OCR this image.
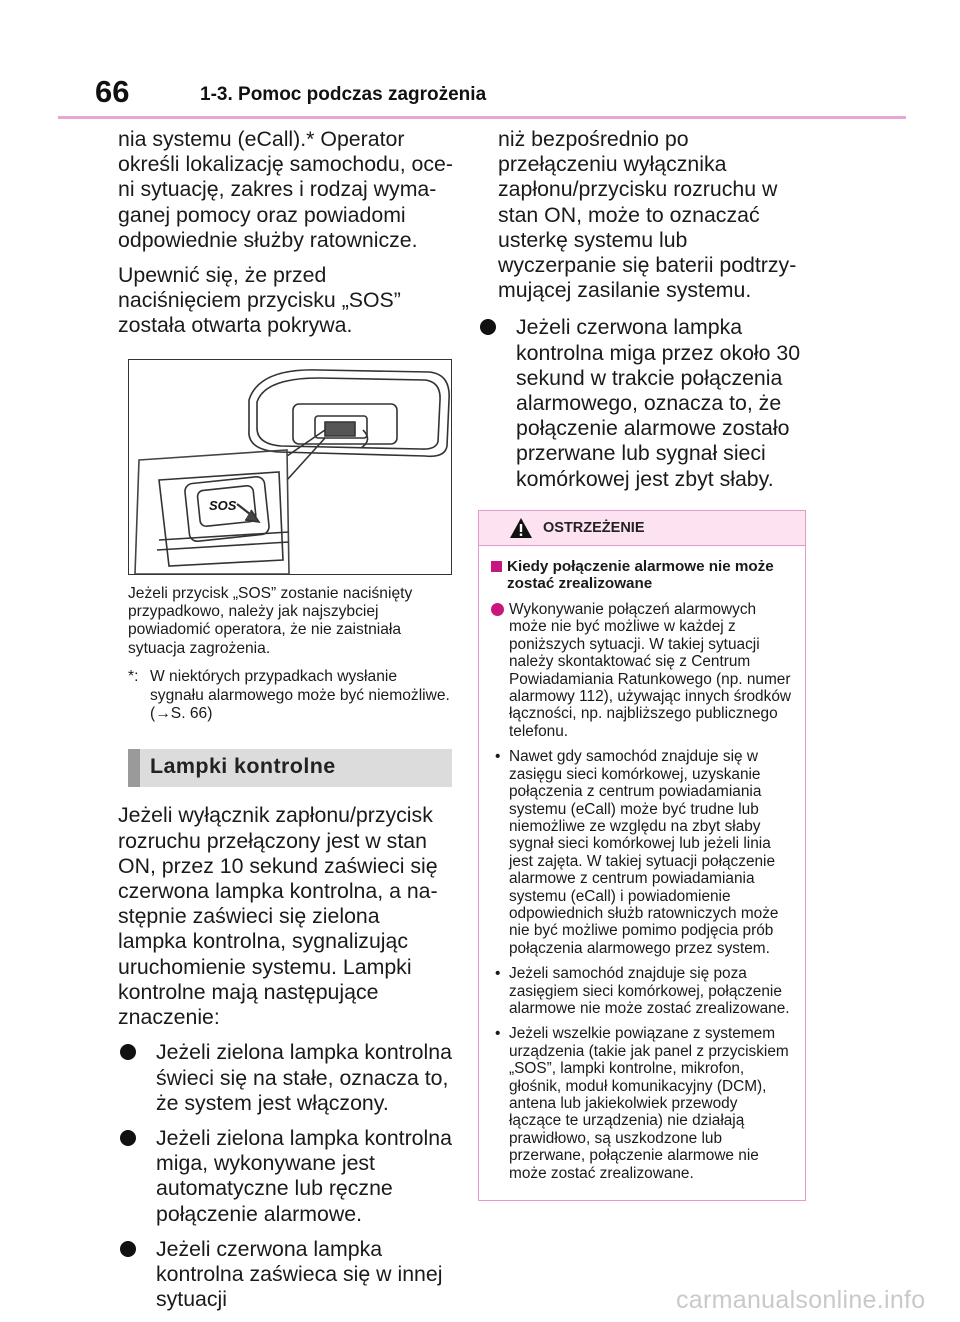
66	1-3. Pomoc podczas zagrożenia

nia systemu (eCall).* Operator określi lokalizację samochodu, oceni sytuację, zakres i rodzaj wymaganej pomocy oraz powiadomi odpowiednie służby ratownicze.

Upewnić się, że przed naciśnięciem przycisku „SOS” została otwarta pokrywa.

SOS

Jeżeli przycisk „SOS” zostanie naciśnięty przypadkowo, należy jak najszybciej powiadomić operatora, że nie zaistniała sytuacja zagrożenia.

*: W niektórych przypadkach wysłanie sygnału alarmowego może być niemożliwe. (→S. 66)

Lampki kontrolne

Jeżeli wyłącznik zapłonu/przycisk rozruchu przełączony jest w stan ON, przez 10 sekund zaświeci się czerwona lampka kontrolna, a następnie zaświeci się zielona lampka kontrolna, sygnalizując uruchomienie systemu. Lampki kontrolne mają następujące znaczenie:

Jeżeli zielona lampka kontrolna świeci się na stałe, oznacza to, że system jest włączony.
Jeżeli zielona lampka kontrolna miga, wykonywane jest automatyczne lub ręczne połączenie alarmowe.
Jeżeli czerwona lampka kontrolna zaświeca się w innej sytuacji

niż bezpośrednio po przełączeniu wyłącznika zapłonu/przycisku rozruchu w stan ON, może to oznaczać usterkę systemu lub wyczerpanie się baterii podtrzymującej zasilanie systemu.

Jeżeli czerwona lampka kontrolna miga przez około 30 sekund w trakcie połączenia alarmowego, oznacza to, że połączenie alarmowe zostało przerwane lub sygnał sieci komórkowej jest zbyt słaby.
OSTRZEŻENIE
Kiedy połączenie alarmowe nie może zostać zrealizowane
Wykonywanie połączeń alarmowych może nie być możliwe w każdej z poniższych sytuacji. W takiej sytuacji należy skontaktować się z Centrum Powiadamiania Ratunkowego (np. numer alarmowy 112), używając innych środków łączności, np. najbliższego publicznego telefonu.
• Nawet gdy samochód znajduje się w zasięgu sieci komórkowej, uzyskanie połączenia z centrum powiadamiania systemu (eCall) może być trudne lub niemożliwe ze względu na zbyt słaby sygnał sieci komórkowej lub jeżeli linia jest zajęta. W takiej sytuacji połączenie alarmowe z centrum powiadamiania systemu (eCall) i powiadomienie odpowiednich służb ratowniczych może nie być możliwe pomimo podjęcia prób połączenia alarmowego przez system.
• Jeżeli samochód znajduje się poza zasięgiem sieci komórkowej, połączenie alarmowe nie może zostać zrealizowane.
• Jeżeli wszelkie powiązane z systemem urządzenia (takie jak panel z przyciskiem „SOS”, lampki kontrolne, mikrofon, głośnik, moduł komunikacyjny (DCM), antena lub jakiekolwiek przewody łączące te urządzenia) nie działają prawidłowo, są uszkodzone lub przerwane, połączenie alarmowe nie może zostać zrealizowane.
carmanualsonline.info
